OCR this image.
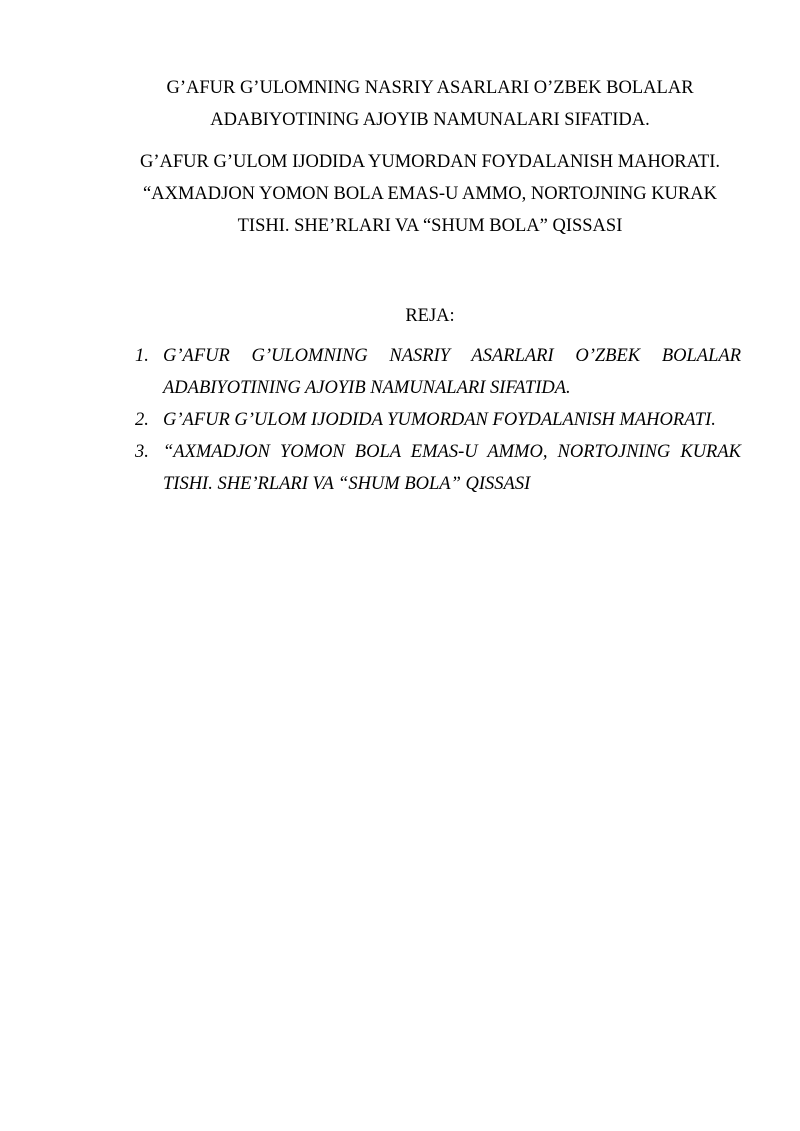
G’AFUR G’ULOMNING NASRIY ASARLARI O’ZBEK BOLALAR
ADABIYOTINING AJOYIB NAMUNALARI SIFATIDA.
G’AFUR G’ULOM IJODIDA YUMORDAN FOYDALANISH MAHORATI.
“AXMADJON YOMON BOLA EMAS-U AMMO, NORTOJNING KURAK
TISHI. SHE’RLARI VA “SHUM BOLA” QISSASI

REJA:

1. G’AFUR G’ULOMNING NASRIY ASARLARI O’ZBEK BOLALAR
ADABIYOTINING AJOYIB NAMUNALARI SIFATIDA.
2. G’AFUR G’ULOM IJODIDA YUMORDAN FOYDALANISH MAHORATI.
3. “AXMADJON YOMON BOLA EMAS-U AMMO, NORTOJNING KURAK
TISHI. SHE’RLARI VA “SHUM BOLA” QISSASI
